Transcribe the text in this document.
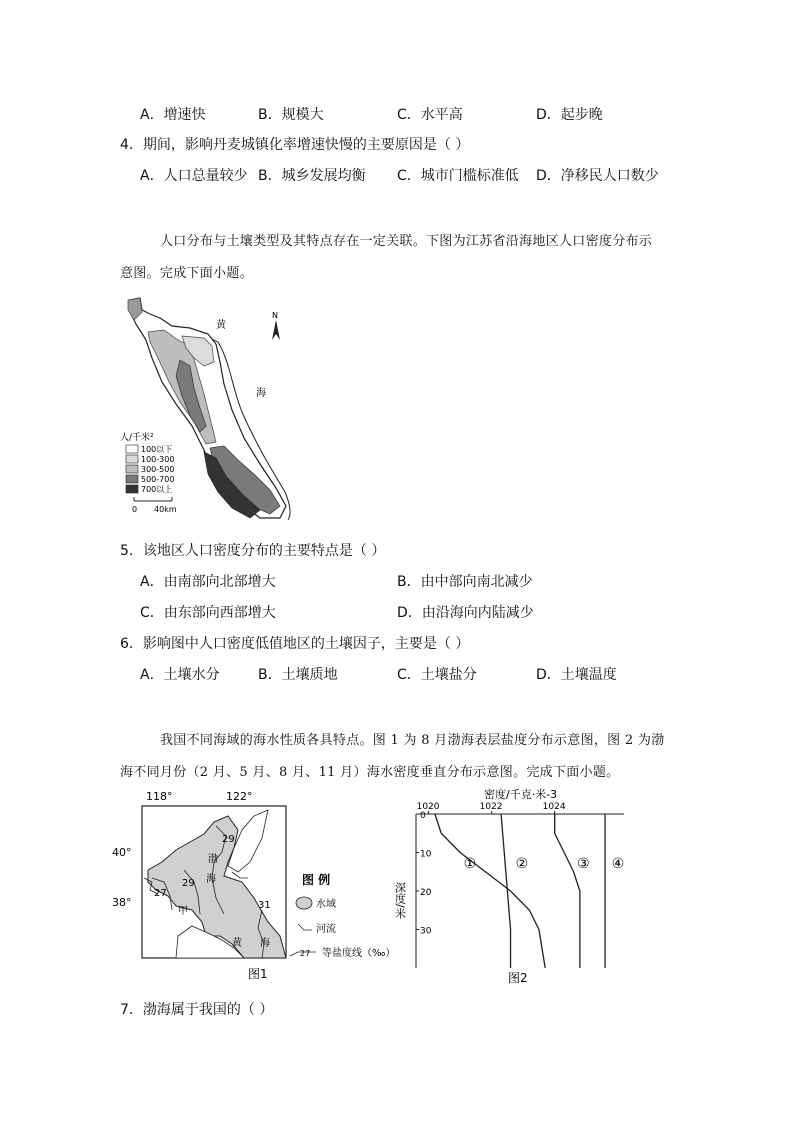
A．增速快	B．规模大	C．水平高	D．起步晚
4．期间，影响丹麦城镇化率增速快慢的主要原因是（ ）
A．人口总量较少 B．城乡发展均衡 C．城市门槛标准低 D．净移民人口数少
人口分布与土壤类型及其特点存在一定关联。下图为江苏省沿海地区人口密度分布示
意图。完成下面小题。
黄
海
N
人/千米²
100以下
100-300
300-500
500-700
700以上
0 40km
5．该地区人口密度分布的主要特点是（ ）
A．由南部向北部增大	B．由中部向南北减少
C．由东部向西部增大	D．由沿海向内陆减少
6．影响图中人口密度低值地区的土壤因子，主要是（ ）
A．土壤水分	B．土壤质地	C．土壤盐分	D．土壤温度
我国不同海域的海水性质各具特点。图 1 为 8 月渤海表层盐度分布示意图，图 2 为渤
海不同月份（2 月、5 月、8 月、11 月）海水密度垂直分布示意图。完成下面小题。
118°	122°
40°
38°
29
29
27
31
渤
海
黄 海
甲
图 例
水域
河流
27 等盐度线（‰）
图1
密度/千克·米-3
1020	1022	1024
0
10
20
30
深度/米
①	②	③ ④
图2
7．渤海属于我国的（ ）
